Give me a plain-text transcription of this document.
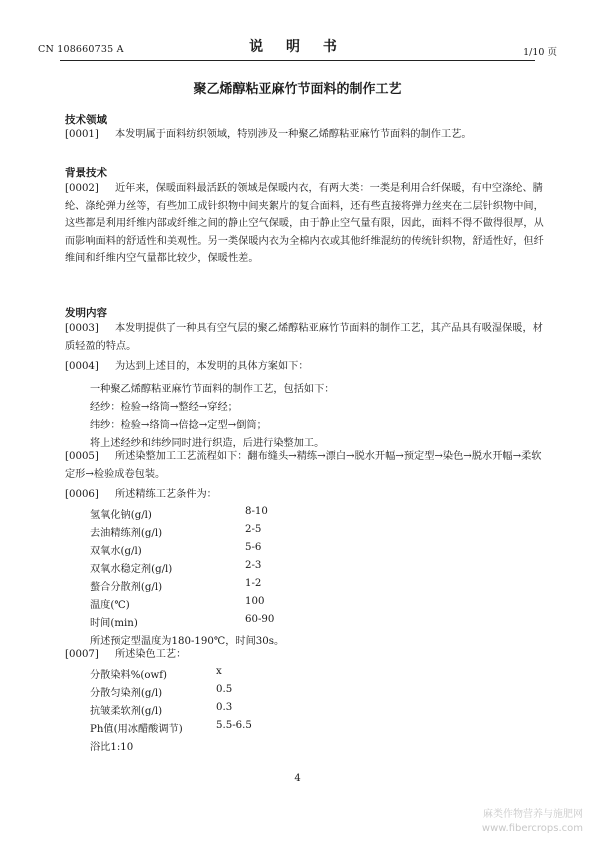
CN 108660735 A	说 明 书	1/10 页
聚乙烯醇粘亚麻竹节面料的制作工艺
技术领域
[0001] 本发明属于面料纺织领域，特别涉及一种聚乙烯醇粘亚麻竹节面料的制作工艺。
背景技术
[0002] 近年来，保暖面料最活跃的领域是保暖内衣，有两大类：一类是利用合纤保暖，有中空涤纶、腈纶、涤纶弹力丝等，有些加工成针织物中间夹絮片的复合面料，还有些直接将弹力丝夹在二层针织物中间，这些都是利用纤维内部或纤维之间的静止空气保暖，由于静止空气量有限，因此，面料不得不做得很厚，从而影响面料的舒适性和美观性。另一类保暖内衣为全棉内衣或其他纤维混纺的传统针织物，舒适性好，但纤维间和纤维内空气量都比较少，保暖性差。
发明内容
[0003] 本发明提供了一种具有空气层的聚乙烯醇粘亚麻竹节面料的制作工艺，其产品具有吸湿保暖，材质轻盈的特点。
[0004] 为达到上述目的，本发明的具体方案如下：
一种聚乙烯醇粘亚麻竹节面料的制作工艺，包括如下：
经纱：检验→络筒→整经→穿经；
纬纱：检验→络筒→倍捻→定型→倒筒；
将上述经纱和纬纱同时进行织造，后进行染整加工。
[0005] 所述染整加工工艺流程如下：翻布缝头→精练→漂白→脱水开幅→预定型→染色→脱水开幅→柔软定形→检验成卷包装。
[0006] 所述精练工艺条件为：
氢氧化钠(g/l)	8-10
去油精练剂(g/l)	2-5
双氧水(g/l)	5-6
双氧水稳定剂(g/l)	2-3
螯合分散剂(g/l)	1-2
温度(℃)	100
时间(min)	60-90
所述预定型温度为180-190℃，时间30s。
[0007] 所述染色工艺：
分散染料%(owf)	x
分散匀染剂(g/l)	0.5
抗皱柔软剂(g/l)	0.3
Ph值(用冰醋酸调节)	5.5-6.5
浴比1:10
4
麻类作物营养与施肥网
www.fibercrops.com
